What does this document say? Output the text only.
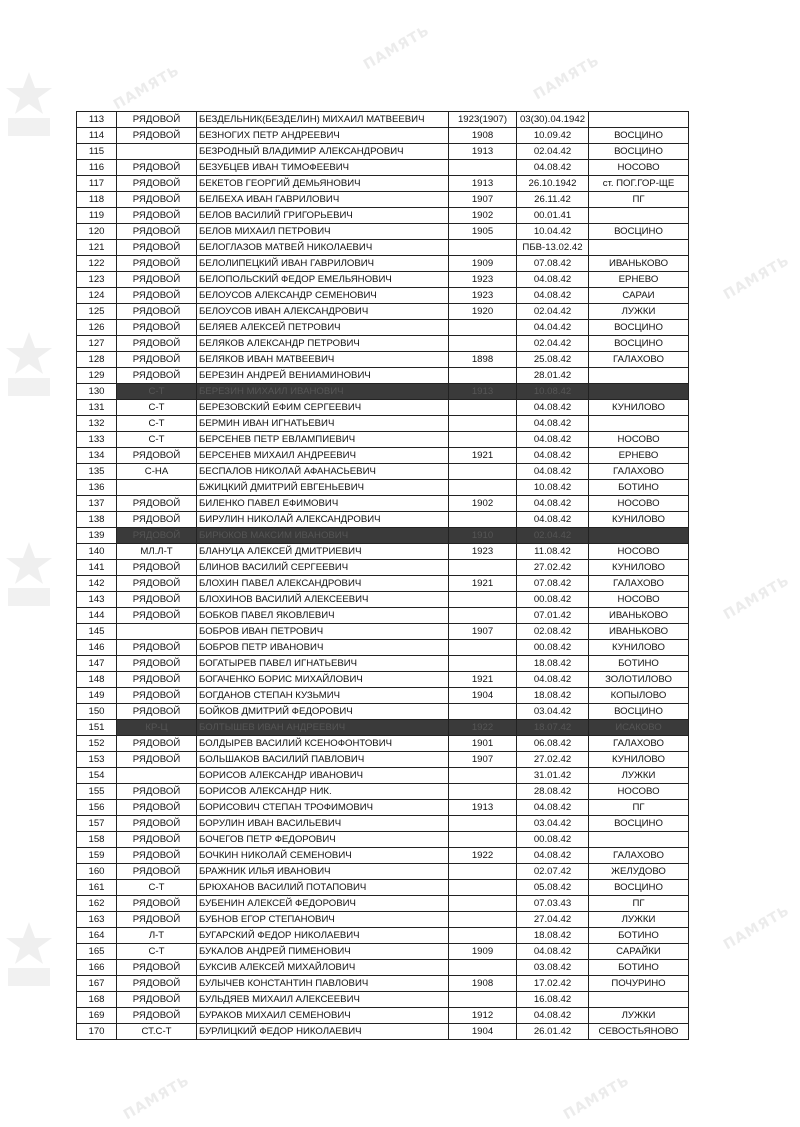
ПАМЯТЬ
ПАМЯТЬ	ПАМЯТЬ
ПАМЯТЬ
ПАМЯТЬ
ПАМЯТЬ
ПАМЯТЬ	ПАМЯТЬ
113	РЯДОВОЙ	БЕЗДЕЛЬНИК(БЕЗДЕЛИН) МИХАИЛ МАТВЕЕВИЧ	1923(1907)	03(30).04.1942	
114	РЯДОВОЙ	БЕЗНОГИХ ПЕТР АНДРЕЕВИЧ	1908	10.09.42	ВОСЦИНО
115		БЕЗРОДНЫЙ ВЛАДИМИР АЛЕКСАНДРОВИЧ	1913	02.04.42	ВОСЦИНО
116	РЯДОВОЙ	БЕЗУБЦЕВ ИВАН ТИМОФЕЕВИЧ		04.08.42	НОСОВО
117	РЯДОВОЙ	БЕКЕТОВ ГЕОРГИЙ ДЕМЬЯНОВИЧ	1913	26.10.1942	ст. ПОГ.ГОР-ЩЕ
118	РЯДОВОЙ	БЕЛБЕХА ИВАН ГАВРИЛОВИЧ	1907	26.11.42	ПГ
119	РЯДОВОЙ	БЕЛОВ ВАСИЛИЙ ГРИГОРЬЕВИЧ	1902	00.01.41	
120	РЯДОВОЙ	БЕЛОВ МИХАИЛ ПЕТРОВИЧ	1905	10.04.42	ВОСЦИНО
121	РЯДОВОЙ	БЕЛОГЛАЗОВ МАТВЕЙ НИКОЛАЕВИЧ		ПБВ-13.02.42	
122	РЯДОВОЙ	БЕЛОЛИПЕЦКИЙ ИВАН ГАВРИЛОВИЧ	1909	07.08.42	ИВАНЬКОВО
123	РЯДОВОЙ	БЕЛОПОЛЬСКИЙ ФЕДОР ЕМЕЛЬЯНОВИЧ	1923	04.08.42	ЕРНЕВО
124	РЯДОВОЙ	БЕЛОУСОВ АЛЕКСАНДР СЕМЕНОВИЧ	1923	04.08.42	САРАИ
125	РЯДОВОЙ	БЕЛОУСОВ ИВАН АЛЕКСАНДРОВИЧ	1920	02.04.42	ЛУЖКИ
126	РЯДОВОЙ	БЕЛЯЕВ АЛЕКСЕЙ ПЕТРОВИЧ		04.04.42	ВОСЦИНО
127	РЯДОВОЙ	БЕЛЯКОВ АЛЕКСАНДР ПЕТРОВИЧ		02.04.42	ВОСЦИНО
128	РЯДОВОЙ	БЕЛЯКОВ ИВАН МАТВЕЕВИЧ	1898	25.08.42	ГАЛАХОВО
129	РЯДОВОЙ	БЕРЕЗИН АНДРЕЙ ВЕНИАМИНОВИЧ		28.01.42	
130	С-Т	БЕРЕЗИН МИХАИЛ ИВАНОВИЧ	1913	10.08.42	
131	С-Т	БЕРЕЗОВСКИЙ ЕФИМ СЕРГЕЕВИЧ		04.08.42	КУНИЛОВО
132	С-Т	БЕРМИН ИВАН ИГНАТЬЕВИЧ		04.08.42	
133	С-Т	БЕРСЕНЕВ ПЕТР ЕВЛАМПИЕВИЧ		04.08.42	НОСОВО
134	РЯДОВОЙ	БЕРСЕНЕВ МИХАИЛ АНДРЕЕВИЧ	1921	04.08.42	ЕРНЕВО
135	С-НА	БЕСПАЛОВ НИКОЛАЙ АФАНАСЬЕВИЧ		04.08.42	ГАЛАХОВО
136		БЖИЦКИЙ ДМИТРИЙ ЕВГЕНЬЕВИЧ		10.08.42	БОТИНО
137	РЯДОВОЙ	БИЛЕНКО ПАВЕЛ ЕФИМОВИЧ	1902	04.08.42	НОСОВО
138	РЯДОВОЙ	БИРУЛИН НИКОЛАЙ АЛЕКСАНДРОВИЧ		04.08.42	КУНИЛОВО
139	РЯДОВОЙ	БИРЮКОВ МАКСИМ ИВАНОВИЧ	1910	02.04.42	
140	МЛ.Л-Т	БЛАНУЦА АЛЕКСЕЙ ДМИТРИЕВИЧ	1923	11.08.42	НОСОВО
141	РЯДОВОЙ	БЛИНОВ ВАСИЛИЙ СЕРГЕЕВИЧ		27.02.42	КУНИЛОВО
142	РЯДОВОЙ	БЛОХИН ПАВЕЛ АЛЕКСАНДРОВИЧ	1921	07.08.42	ГАЛАХОВО
143	РЯДОВОЙ	БЛОХИНОВ ВАСИЛИЙ АЛЕКСЕЕВИЧ		00.08.42	НОСОВО
144	РЯДОВОЙ	БОБКОВ ПАВЕЛ ЯКОВЛЕВИЧ		07.01.42	ИВАНЬКОВО
145		БОБРОВ ИВАН ПЕТРОВИЧ	1907	02.08.42	ИВАНЬКОВО
146	РЯДОВОЙ	БОБРОВ ПЕТР ИВАНОВИЧ		00.08.42	КУНИЛОВО
147	РЯДОВОЙ	БОГАТЫРЕВ ПАВЕЛ ИГНАТЬЕВИЧ		18.08.42	БОТИНО
148	РЯДОВОЙ	БОГАЧЕНКО БОРИС МИХАЙЛОВИЧ	1921	04.08.42	ЗОЛОТИЛОВО
149	РЯДОВОЙ	БОГДАНОВ СТЕПАН КУЗЬМИЧ	1904	18.08.42	КОПЫЛОВО
150	РЯДОВОЙ	БОЙКОВ ДМИТРИЙ ФЕДОРОВИЧ		03.04.42	ВОСЦИНО
151	КР-Ц	БОЛТЫШЕВ ИВАН АНДРЕЕВИЧ	1922	18.07.42	ИСАКОВО
152	РЯДОВОЙ	БОЛДЫРЕВ ВАСИЛИЙ КСЕНОФОНТОВИЧ	1901	06.08.42	ГАЛАХОВО
153	РЯДОВОЙ	БОЛЬШАКОВ ВАСИЛИЙ ПАВЛОВИЧ	1907	27.02.42	КУНИЛОВО
154		БОРИСОВ АЛЕКСАНДР ИВАНОВИЧ		31.01.42	ЛУЖКИ
155	РЯДОВОЙ	БОРИСОВ АЛЕКСАНДР НИК.		28.08.42	НОСОВО
156	РЯДОВОЙ	БОРИСОВИЧ СТЕПАН ТРОФИМОВИЧ	1913	04.08.42	ПГ
157	РЯДОВОЙ	БОРУЛИН ИВАН ВАСИЛЬЕВИЧ		03.04.42	ВОСЦИНО
158	РЯДОВОЙ	БОЧЕГОВ ПЕТР ФЕДОРОВИЧ		00.08.42	
159	РЯДОВОЙ	БОЧКИН НИКОЛАЙ СЕМЕНОВИЧ	1922	04.08.42	ГАЛАХОВО
160	РЯДОВОЙ	БРАЖНИК ИЛЬЯ ИВАНОВИЧ		02.07.42	ЖЕЛУДОВО
161	С-Т	БРЮХАНОВ ВАСИЛИЙ ПОТАПОВИЧ		05.08.42	ВОСЦИНО
162	РЯДОВОЙ	БУБЕНИН АЛЕКСЕЙ ФЕДОРОВИЧ		07.03.43	ПГ
163	РЯДОВОЙ	БУБНОВ ЕГОР СТЕПАНОВИЧ		27.04.42	ЛУЖКИ
164	Л-Т	БУГАРСКИЙ ФЕДОР НИКОЛАЕВИЧ		18.08.42	БОТИНО
165	С-Т	БУКАЛОВ АНДРЕЙ ПИМЕНОВИЧ	1909	04.08.42	САРАЙКИ
166	РЯДОВОЙ	БУКСИВ АЛЕКСЕЙ МИХАЙЛОВИЧ		03.08.42	БОТИНО
167	РЯДОВОЙ	БУЛЫЧЕВ КОНСТАНТИН ПАВЛОВИЧ	1908	17.02.42	ПОЧУРИНО
168	РЯДОВОЙ	БУЛЬДЯЕВ МИХАИЛ АЛЕКСЕЕВИЧ		16.08.42	
169	РЯДОВОЙ	БУРАКОВ МИХАИЛ СЕМЕНОВИЧ	1912	04.08.42	ЛУЖКИ
170	СТ.С-Т	БУРЛИЦКИЙ ФЕДОР НИКОЛАЕВИЧ	1904	26.01.42	СЕВОСТЬЯНОВО
